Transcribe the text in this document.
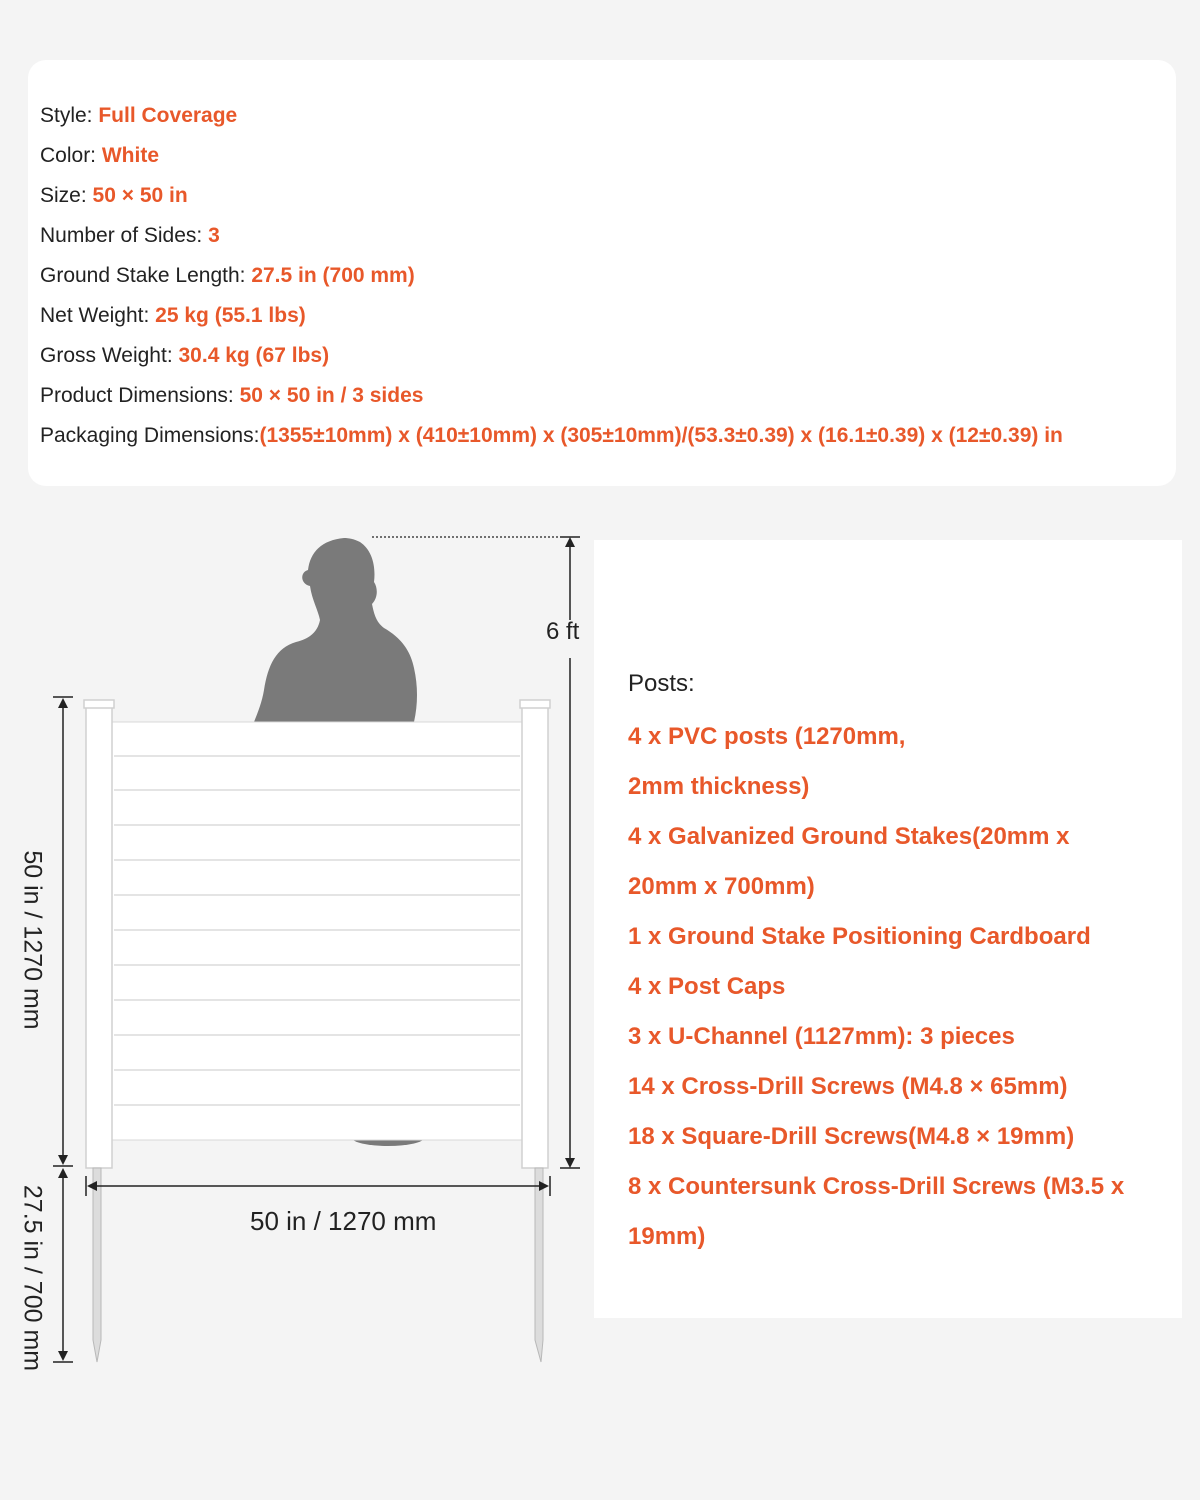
Style: Full Coverage
Color: White
Size: 50 × 50 in
Number of Sides: 3
Ground Stake Length: 27.5 in (700 mm)
Net Weight: 25 kg (55.1 lbs)
Gross Weight: 30.4 kg (67 lbs)
Product Dimensions: 50 × 50 in / 3 sides
Packaging Dimensions:(1355±10mm) x (410±10mm) x (305±10mm)/(53.3±0.39) x (16.1±0.39) x (12±0.39) in
6 ft
50 in / 1270 mm
50 in / 1270 mm
27.5 in / 700 mm
Posts:
4 x PVC posts (1270mm,
2mm thickness)
4 x Galvanized Ground Stakes(20mm x
20mm x 700mm)
1 x Ground Stake Positioning Cardboard
4 x Post Caps
3 x U-Channel (1127mm): 3 pieces
14 x Cross-Drill Screws (M4.8 × 65mm)
18 x Square-Drill Screws(M4.8 × 19mm)
8 x Countersunk Cross-Drill Screws (M3.5 x
19mm)
